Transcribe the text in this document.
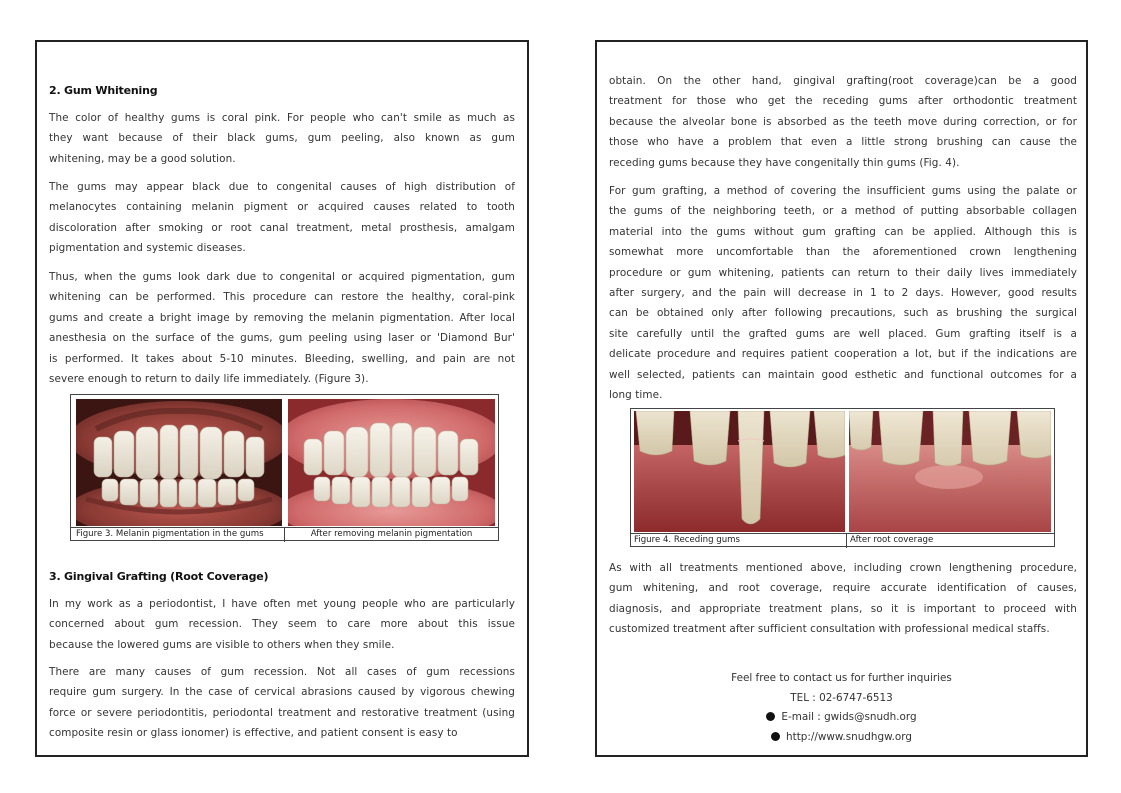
2. Gum Whitening
The color of healthy gums is coral pink. For people who can't smile as much as
they want because of their black gums, gum peeling, also known as gum
whitening, may be a good solution.
The gums may appear black due to congenital causes of high distribution of
melanocytes containing melanin pigment or acquired causes related to tooth
discoloration after smoking or root canal treatment, metal prosthesis, amalgam
pigmentation and systemic diseases.
Thus, when the gums look dark due to congenital or acquired pigmentation, gum
whitening can be performed. This procedure can restore the healthy, coral-pink
gums and create a bright image by removing the melanin pigmentation. After local
anesthesia on the surface of the gums, gum peeling using laser or 'Diamond Bur'
is performed. It takes about 5-10 minutes. Bleeding, swelling, and pain are not
severe enough to return to daily life immediately. (Figure 3).
Figure 3. Melanin pigmentation in the gums	After removing melanin pigmentation
3. Gingival Grafting (Root Coverage)
In my work as a periodontist, I have often met young people who are particularly
concerned about gum recession. They seem to care more about this issue
because the lowered gums are visible to others when they smile.
There are many causes of gum recession. Not all cases of gum recessions
require gum surgery. In the case of cervical abrasions caused by vigorous chewing
force or severe periodontitis, periodontal treatment and restorative treatment (using
composite resin or glass ionomer) is effective, and patient consent is easy to
obtain. On the other hand, gingival grafting(root coverage)can be a good
treatment for those who get the receding gums after orthodontic treatment
because the alveolar bone is absorbed as the teeth move during correction, or for
those who have a problem that even a little strong brushing can cause the
receding gums because they have congenitally thin gums (Fig. 4).
For gum grafting, a method of covering the insufficient gums using the palate or
the gums of the neighboring teeth, or a method of putting absorbable collagen
material into the gums without gum grafting can be applied. Although this is
somewhat more uncomfortable than the aforementioned crown lengthening
procedure or gum whitening, patients can return to their daily lives immediately
after surgery, and the pain will decrease in 1 to 2 days. However, good results
can be obtained only after following precautions, such as brushing the surgical
site carefully until the grafted gums are well placed. Gum grafting itself is a
delicate procedure and requires patient cooperation a lot, but if the indications are
well selected, patients can maintain good esthetic and functional outcomes for a
long time.
Figure 4. Receding gums	After root coverage
As with all treatments mentioned above, including crown lengthening procedure,
gum whitening, and root coverage, require accurate identification of causes,
diagnosis, and appropriate treatment plans, so it is important to proceed with
customized treatment after sufficient consultation with professional medical staffs.
Feel free to contact us for further inquiries
TEL : 02-6747-6513
E-mail : gwids@snudh.org
http://www.snudhgw.org
